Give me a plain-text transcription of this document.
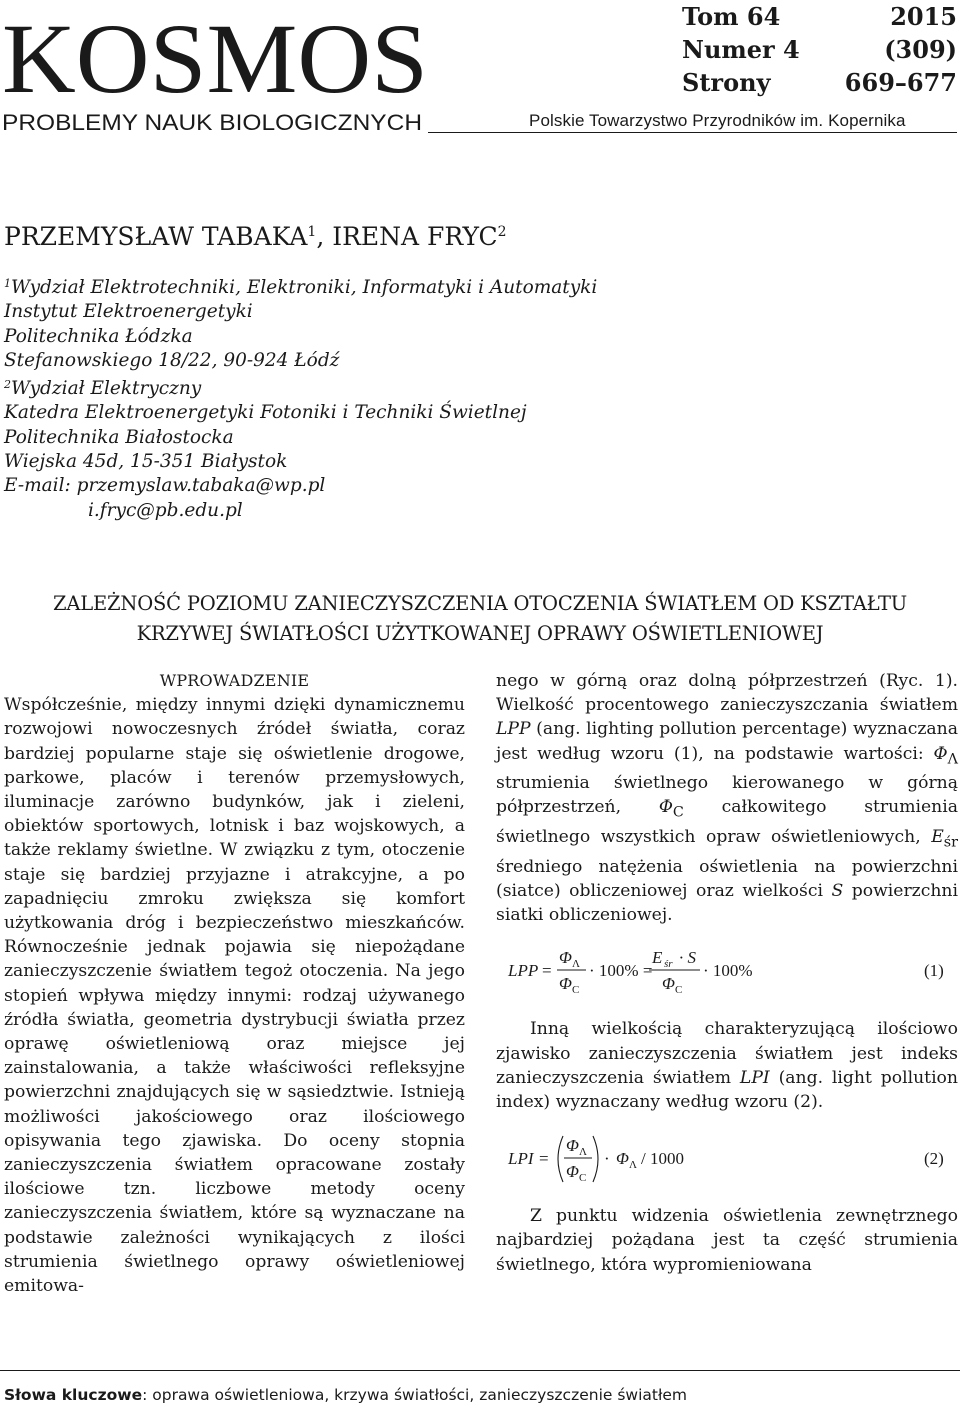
KOSMOS
PROBLEMY NAUK BIOLOGICZNYCH
Tom 64	2015
Numer 4	(309)
Strony	669–677
Polskie Towarzystwo Przyrodników im. Kopernika
PRZEMYSŁAW TABAKA$^1$, IRENA FRYC$^2$
$^1$Wydział Elektrotechniki, Elektroniki, Informatyki i Automatyki
Instytut Elektroenergetyki
Politechnika Łódzka
Stefanowskiego 18/22, 90-924 Łódź
$^2$Wydział Elektryczny
Katedra Elektroenergetyki Fotoniki i Techniki Świetlnej
Politechnika Białostocka
Wiejska 45d, 15-351 Białystok
E-mail: przemyslaw.tabaka@wp.pl
i.fryc@pb.edu.pl
ZALEŻNOŚĆ POZIOMU ZANIECZYSZCZENIA OTOCZENIA ŚWIATŁEM OD KSZTAŁTU
KRZYWEJ ŚWIATŁOŚCI UŻYTKOWANEJ OPRAWY OŚWIETLENIOWEJ
WPROWADZENIE

Współcześnie, między innymi dzięki dynamicznemu rozwojowi nowoczesnych źródeł światła, coraz bardziej popularne staje się oświetlenie drogowe, parkowe, placów i terenów przemysłowych, iluminacje zarówno budynków, jak i zieleni, obiektów sportowych, lotnisk i baz wojskowych, a także reklamy świetlne. W związku z tym, otoczenie staje się bardziej przyjazne i atrakcyjne, a po zapadnięciu zmroku zwiększa się komfort użytkowania dróg i bezpieczeństwo mieszkańców. Równocześnie jednak pojawia się niepożądane zanieczyszczenie światłem tegoż otoczenia. Na jego stopień wpływa między innymi: rodzaj używanego źródła światła, geometria dystrybucji światła przez oprawę oświetleniową oraz miejsce jej zainstalowania, a także właściwości refleksyjne powierzchni znajdujących się w sąsiedztwie. Istnieją możliwości jakościowego oraz ilościowego opisywania tego zjawiska. Do oceny stopnia zanieczyszczenia światłem opracowane zostały ilościowe tzn. liczbowe metody oceny zanieczyszczenia światłem, które są wyznaczane na podstawie zależności wynikających z ilości strumienia świetlnego oprawy oświetleniowej emitowa-

nego w górną oraz dolną półprzestrzeń (Ryc. 1). Wielkość procentowego zanieczyszczania światłem LPP (ang. lighting pollution percentage) wyznaczana jest według wzoru (1), na podstawie wartości: $\Phi_\Lambda$ strumienia świetlnego kierowanego w górną półprzestrzeń, $\Phi_C$ całkowitego strumienia świetlnego wszystkich opraw oświetleniowych, $E_{śr}$ średniego natężenia oświetlenia na powierzchni (siatce) obliczeniowej oraz wielkości S powierzchni siatki obliczeniowej.

LPP =
Φ Λ
Φ C
· 100% =
E śr · S
Φ C
· 100%	(1)

Inną wielkością charakteryzującą ilościowo zjawisko zanieczyszczenia światłem jest indeks zanieczyszczenia światłem LPI (ang. light pollution index) wyznaczany według wzoru (2).

LPI =
Φ Λ
Φ C
· Φ Λ / 1000	(2)

Z punktu widzenia oświetlenia zewnętrznego najbardziej pożądana jest ta część strumienia świetlnego, która wypromieniowana

Słowa kluczowe: oprawa oświetleniowa, krzywa światłości, zanieczyszczenie światłem
